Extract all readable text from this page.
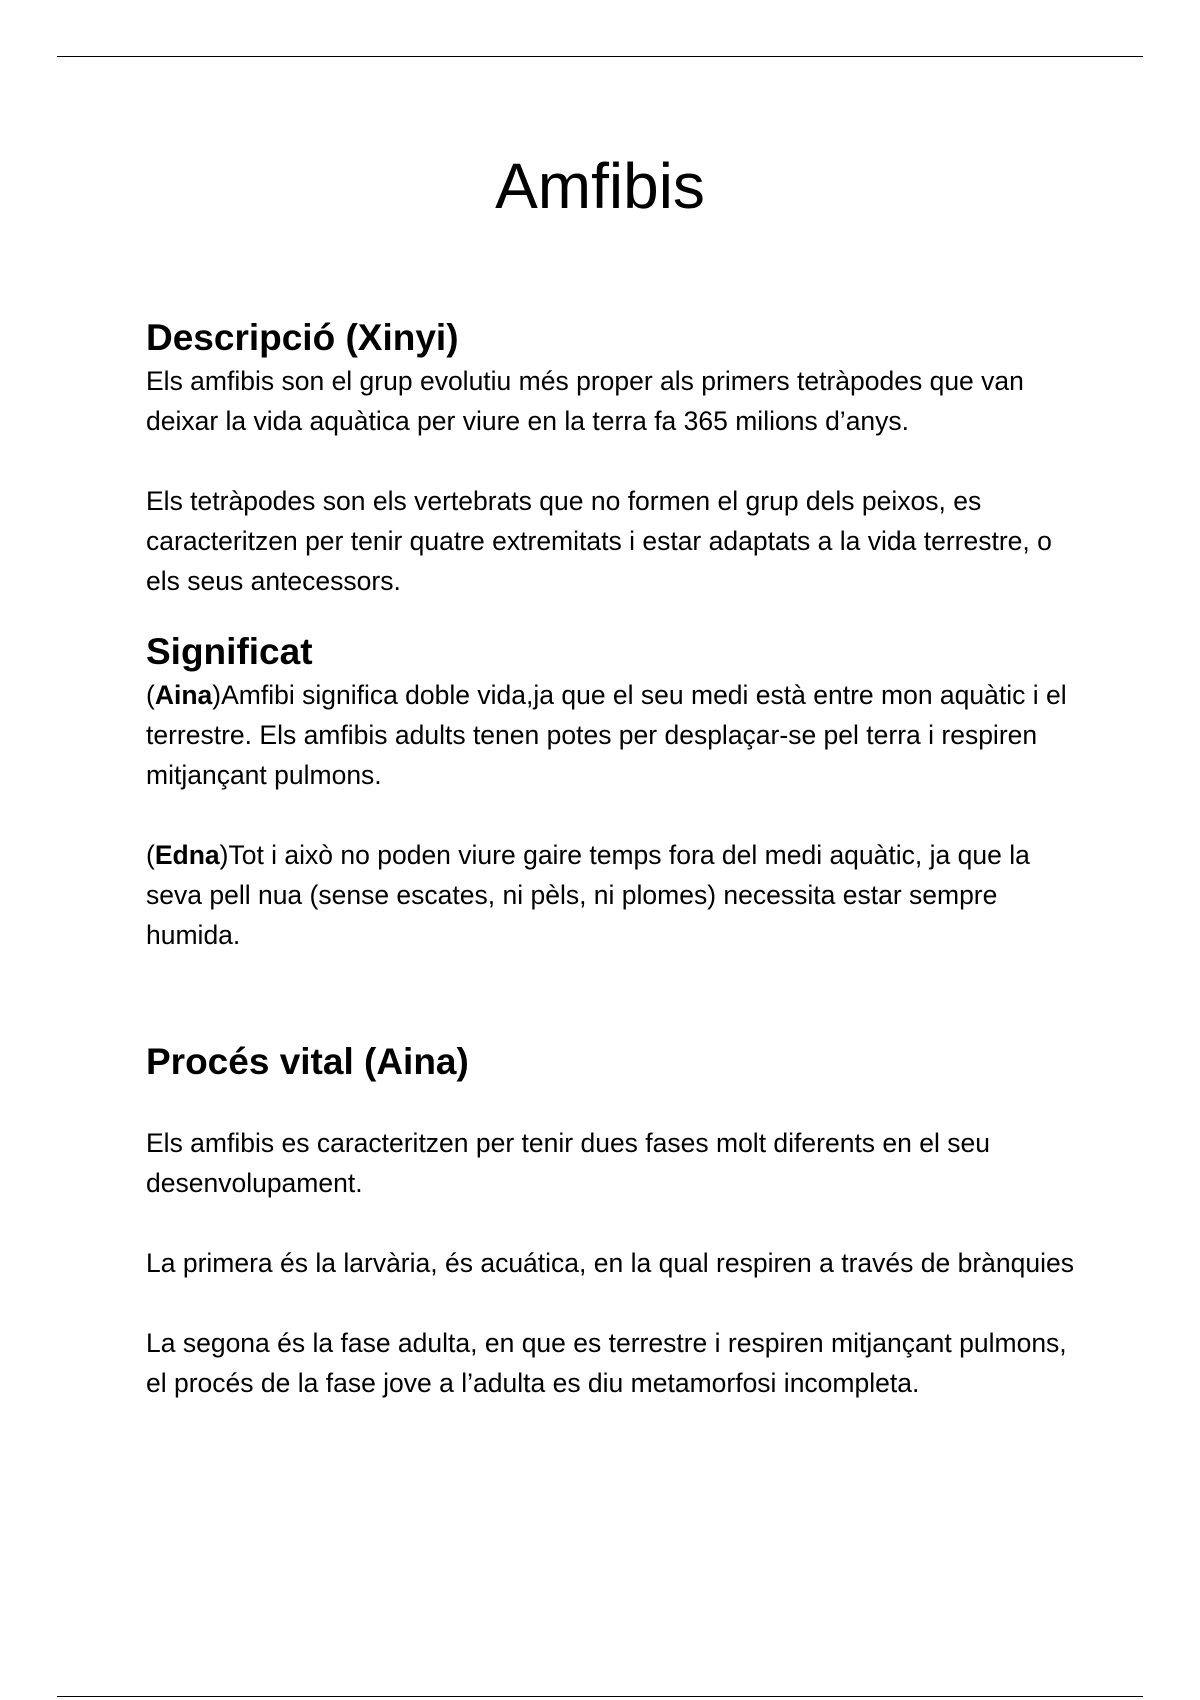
Amfibis
Descripció (Xinyi)

Els amfibis son el grup evolutiu més proper als primers tetràpodes que van deixar la vida aquàtica per viure en la terra fa 365 milions d’anys.

Els tetràpodes son els vertebrats que no formen el grup dels peixos, es caracteritzen per tenir quatre extremitats i estar adaptats a la vida terrestre, o els seus antecessors.

Significat

(Aina)Amfibi significa doble vida,ja que el seu medi està entre mon aquàtic i el terrestre. Els amfibis adults tenen potes per desplaçar-se pel terra i respiren mitjançant pulmons.

(Edna)Tot i això no poden viure gaire temps fora del medi aquàtic, ja que la seva pell nua (sense escates, ni pèls, ni plomes) necessita estar sempre humida.

Procés vital (Aina)

Els amfibis es caracteritzen per tenir dues fases molt diferents en el seu desenvolupament.

La primera és la larvària, és acuática, en la qual respiren a través de brànquies

La segona és la fase adulta, en que es terrestre i respiren mitjançant pulmons, el procés de la fase jove a l’adulta es diu metamorfosi incompleta.
